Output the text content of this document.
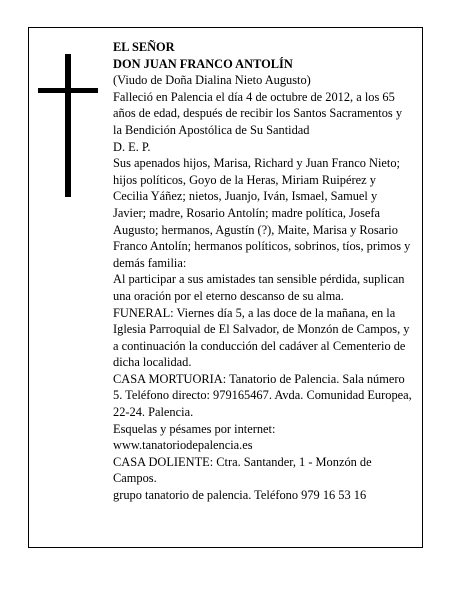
EL SEÑOR

DON JUAN FRANCO ANTOLÍN

(Viudo de Doña Dialina Nieto Augusto)

Falleció en Palencia el día 4 de octubre de 2012, a los 65 años de edad, después de recibir los Santos Sacramentos y la Bendición Apostólica de Su Santidad

D. E. P.

Sus apenados hijos, Marisa, Richard y Juan Franco Nieto; hijos políticos, Goyo de la Heras, Miriam Ruipérez y Cecilia Yáñez; nietos, Juanjo, Iván, Ismael, Samuel y Javier; madre, Rosario Antolín; madre política, Josefa Augusto; hermanos, Agustín (?), Maite, Marisa y Rosario Franco Antolín; hermanos políticos, sobrinos, tíos, primos y demás familia:

Al participar a sus amistades tan sensible pérdida, suplican una oración por el eterno descanso de su alma.

FUNERAL: Viernes día 5, a las doce de la mañana, en la Iglesia Parroquial de El Salvador, de Monzón de Campos, y a continuación la conducción del cadáver al Cementerio de dicha localidad.

CASA MORTUORIA: Tanatorio de Palencia. Sala número 5. Teléfono directo: 979165467. Avda. Comunidad Europea, 22-24. Palencia.

Esquelas y pésames por internet:

www.tanatoriodepalencia.es

CASA DOLIENTE: Ctra. Santander, 1 - Monzón de Campos.

grupo tanatorio de palencia. Teléfono 979 16 53 16
